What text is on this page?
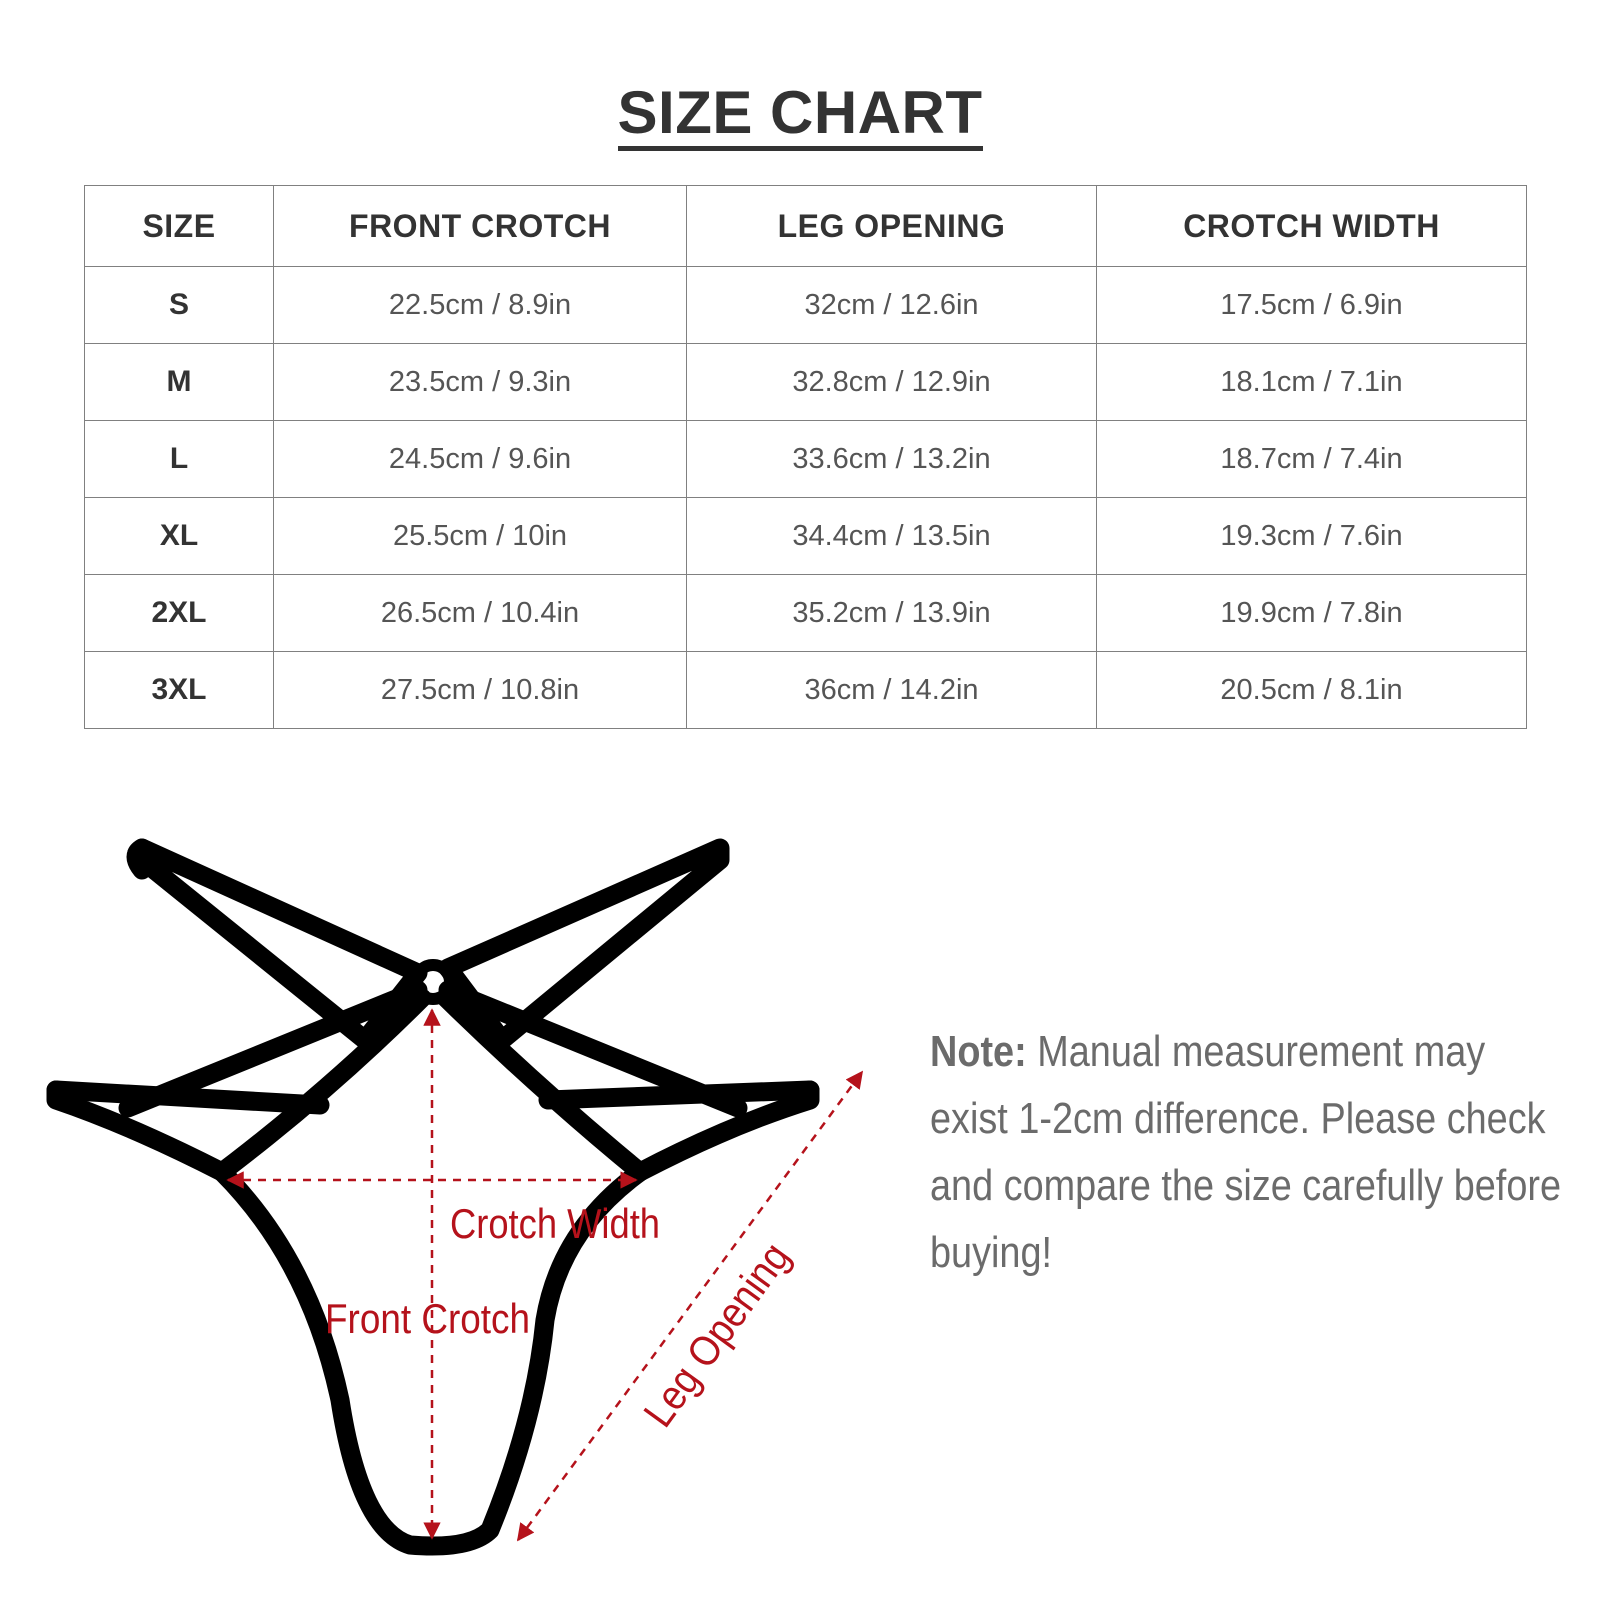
SIZE CHART
SIZE	FRONT CROTCH	LEG OPENING	CROTCH WIDTH
S	22.5cm / 8.9in	32cm / 12.6in	17.5cm / 6.9in
M	23.5cm / 9.3in	32.8cm / 12.9in	18.1cm / 7.1in
L	24.5cm / 9.6in	33.6cm / 13.2in	18.7cm / 7.4in
XL	25.5cm / 10in	34.4cm / 13.5in	19.3cm / 7.6in
2XL	26.5cm / 10.4in	35.2cm / 13.9in	19.9cm / 7.8in
3XL	27.5cm / 10.8in	36cm / 14.2in	20.5cm / 8.1in
Crotch Width
Front Crotch Leg Opening
Note: Manual measurement may exist 1-2cm difference. Please check and compare the size carefully before buying!
